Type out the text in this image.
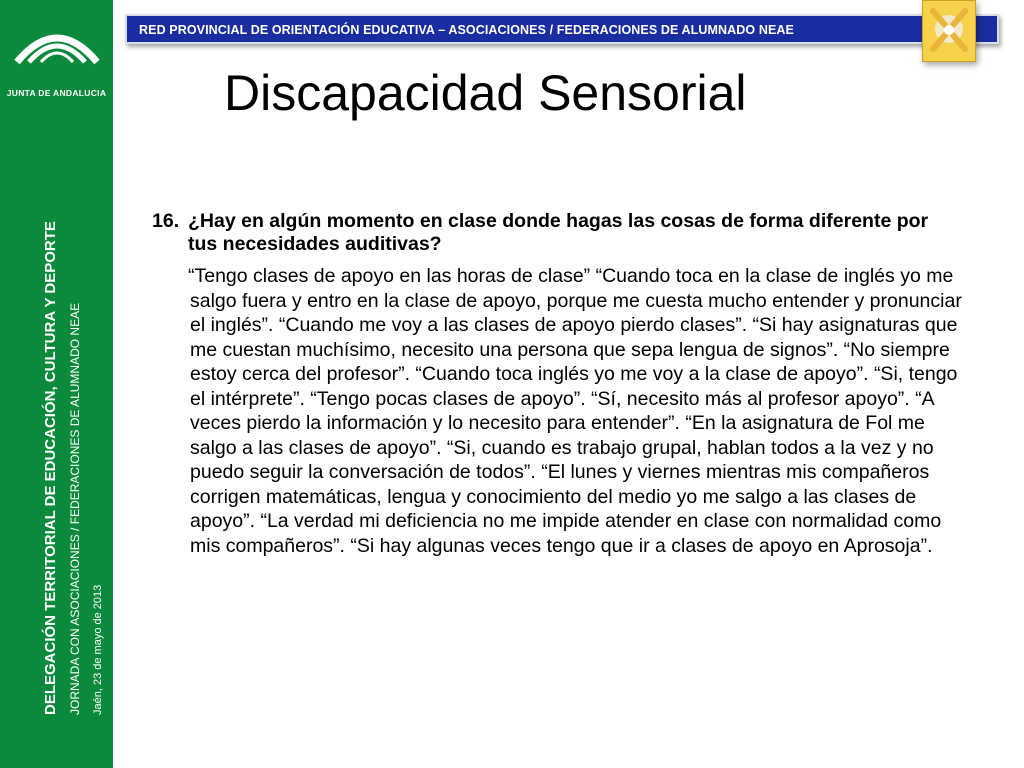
JUNTA DE ANDALUCIA
DELEGACIÓN TERRITORIAL DE EDUCACIÓN, CULTURA Y DEPORTE JORNADA CON ASOCIACIONES / FEDERACIONES DE ALUMNADO NEAE Jaén, 23 de mayo de 2013
RED PROVINCIAL DE ORIENTACIÓN EDUCATIVA – ASOCIACIONES / FEDERACIONES DE ALUMNADO NEAE
Discapacidad Sensorial
16. ¿Hay en algún momento en clase donde hagas las cosas de forma diferente por tus necesidades auditivas?
“Tengo clases de apoyo en las horas de clase” “Cuando toca en la clase de inglés yo me salgo fuera y entro en la clase de apoyo, porque me cuesta mucho entender y pronunciar el inglés”. “Cuando me voy a las clases de apoyo pierdo clases”. “Si hay asignaturas que me cuestan muchísimo, necesito una persona que sepa lengua de signos”. “No siempre estoy cerca del profesor”. “Cuando toca inglés yo me voy a la clase de apoyo”. “Si, tengo el intérprete”. “Tengo pocas clases de apoyo”. “Sí, necesito más al profesor apoyo”. “A veces pierdo la información y lo necesito para entender”. “En la asignatura de Fol me salgo a las clases de apoyo”. “Si, cuando es trabajo grupal, hablan todos a la vez y no puedo seguir la conversación de todos”. “El lunes y viernes mientras mis compañeros corrigen matemáticas, lengua y conocimiento del medio yo me salgo a las clases de apoyo”. “La verdad mi deficiencia no me impide atender en clase con normalidad como mis compañeros”. “Si hay algunas veces tengo que ir a clases de apoyo en Aprosoja”.
